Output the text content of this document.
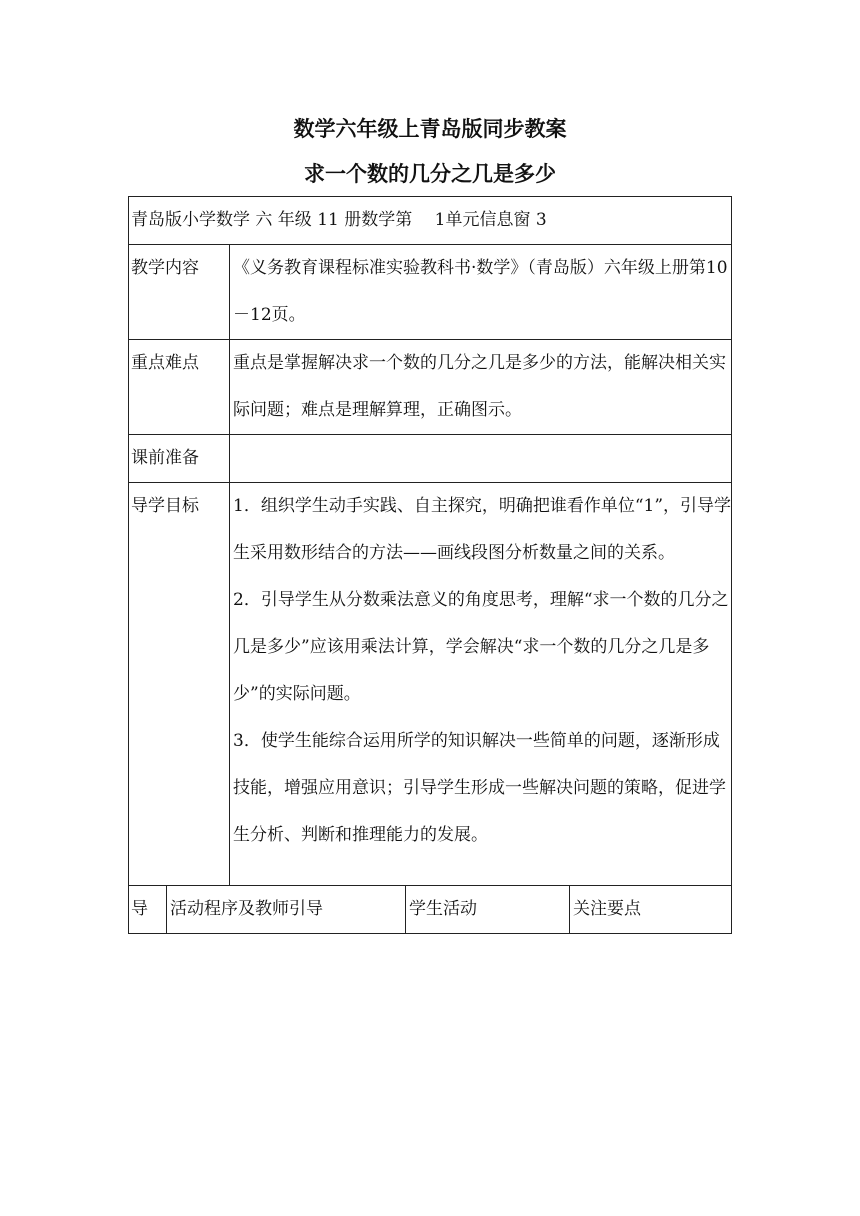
数学六年级上青岛版同步教案
求一个数的几分之几是多少
青岛版小学数学 六 年级 11 册数学第　 1单元信息窗 3				
教学内容		《义务教育课程标准实验教科书·数学》（青岛版）六年级上册第10－12页。		
重点难点		重点是掌握解决求一个数的几分之几是多少的方法，能解决相关实际问题；难点是理解算理，正确图示。		
课前准备				
导学目标		1．组织学生动手实践、自主探究，明确把谁看作单位“1”，引导学生采用数形结合的方法——画线段图分析数量之间的关系。
2．引导学生从分数乘法意义的角度思考，理解“求一个数的几分之几是多少”应该用乘法计算，学会解决“求一个数的几分之几是多少”的实际问题。
3．使学生能综合运用所学的知识解决一些简单的问题，逐渐形成技能，增强应用意识；引导学生形成一些解决问题的策略，促进学生分析、判断和推理能力的发展。		

导	活动程序及教师引导		学生活动	关注要点
